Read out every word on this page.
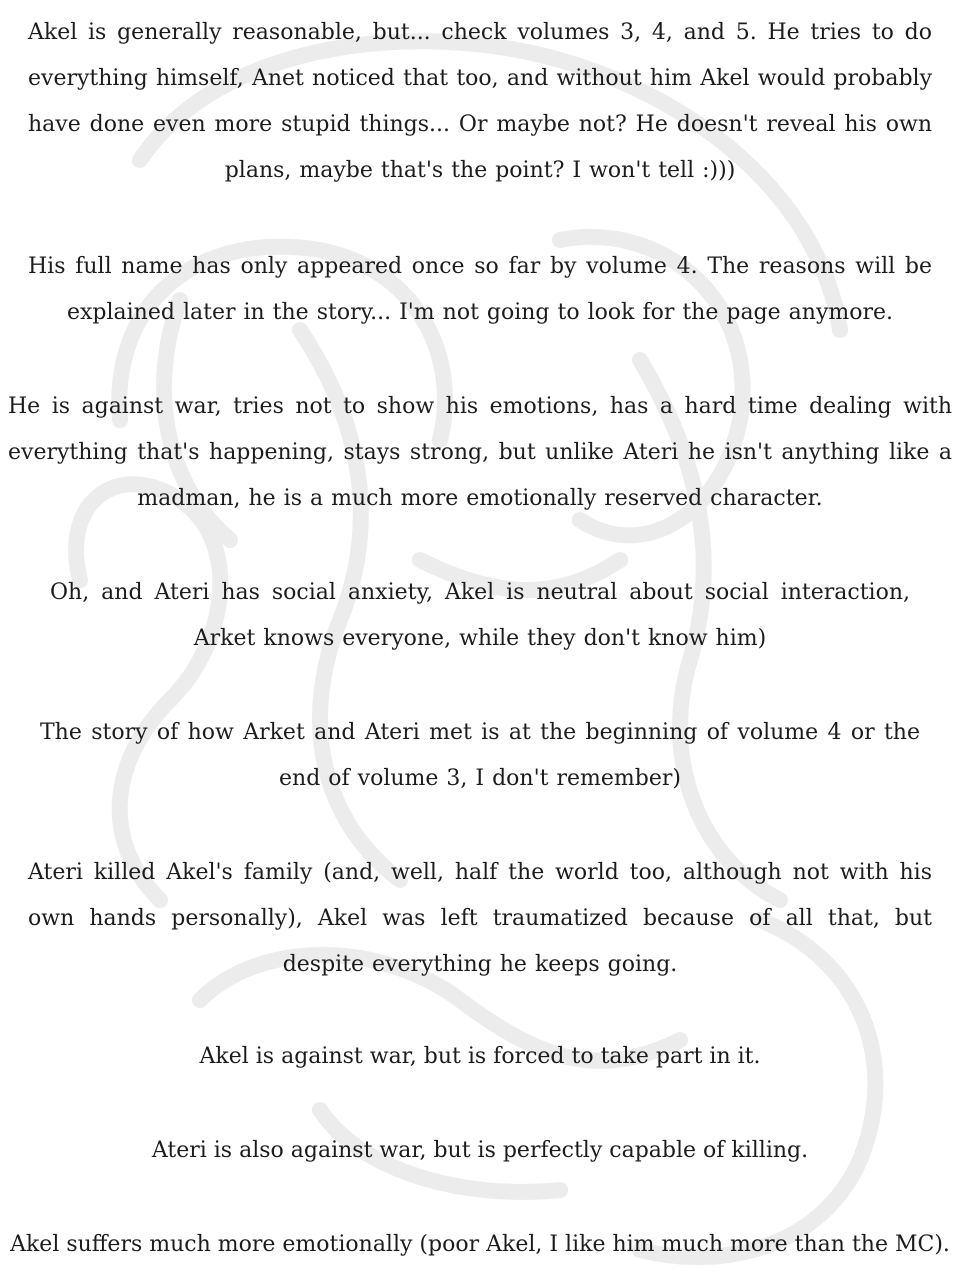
Akel is generally reasonable, but... check volumes 3, 4, and 5. He tries to do everything himself, Anet noticed that too, and without him Akel would probably have done even more stupid things... Or maybe not? He doesn't reveal his own plans, maybe that's the point? I won't tell :)))

His full name has only appeared once so far by volume 4. The reasons will be explained later in the story... I'm not going to look for the page anymore.

He is against war, tries not to show his emotions, has a hard time dealing with everything that's happening, stays strong, but unlike Ateri he isn't anything like a madman, he is a much more emotionally reserved character.

Oh, and Ateri has social anxiety, Akel is neutral about social interaction, Arket knows everyone, while they don't know him)

The story of how Arket and Ateri met is at the beginning of volume 4 or the end of volume 3, I don't remember)

Ateri killed Akel's family (and, well, half the world too, although not with his own hands personally), Akel was left traumatized because of all that, but despite everything he keeps going.

Akel is against war, but is forced to take part in it.

Ateri is also against war, but is perfectly capable of killing.

Akel suffers much more emotionally (poor Akel, I like him much more than the MC).
